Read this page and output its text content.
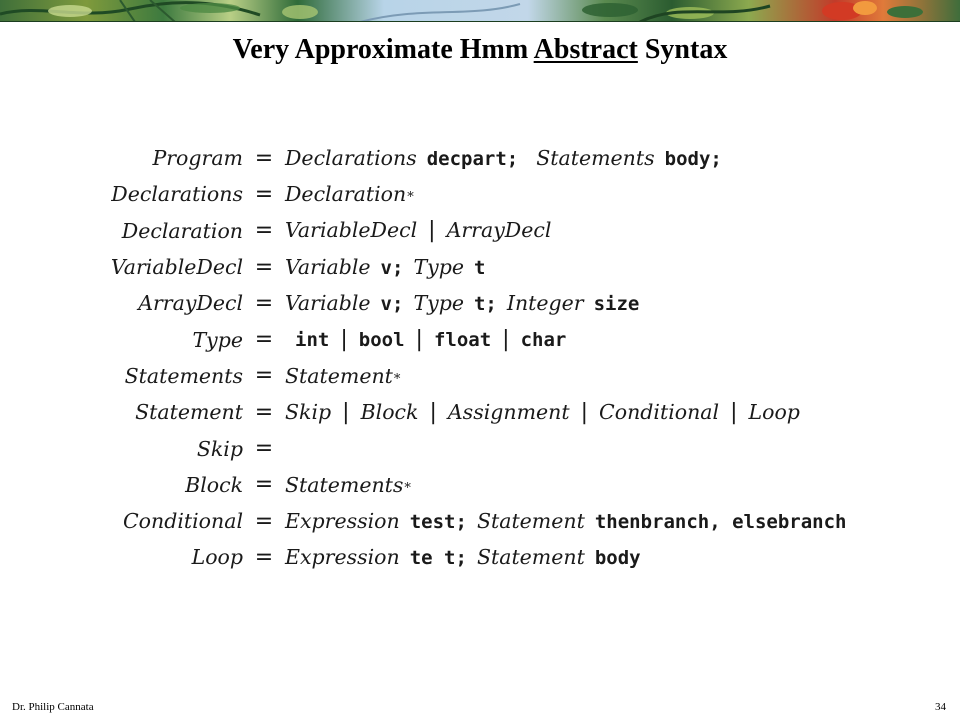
Very Approximate Hmm Abstract Syntax
Program = Declarations decpart; Statements body;
Declarations = Declaration *
Declaration = VariableDecl | ArrayDecl
VariableDecl = Variable v; Type t
ArrayDecl = Variable v; Type t; Integer size
Type =	int | bool | float | char
Statements = Statement *
Statement = Skip | Block | Assignment | Conditional | Loop
Skip =
Block = Statements *
Conditional = Expression test; Statement thenbranch, elsebranch
Loop = Expression te t; Statement body
Dr. Philip Cannata	34
